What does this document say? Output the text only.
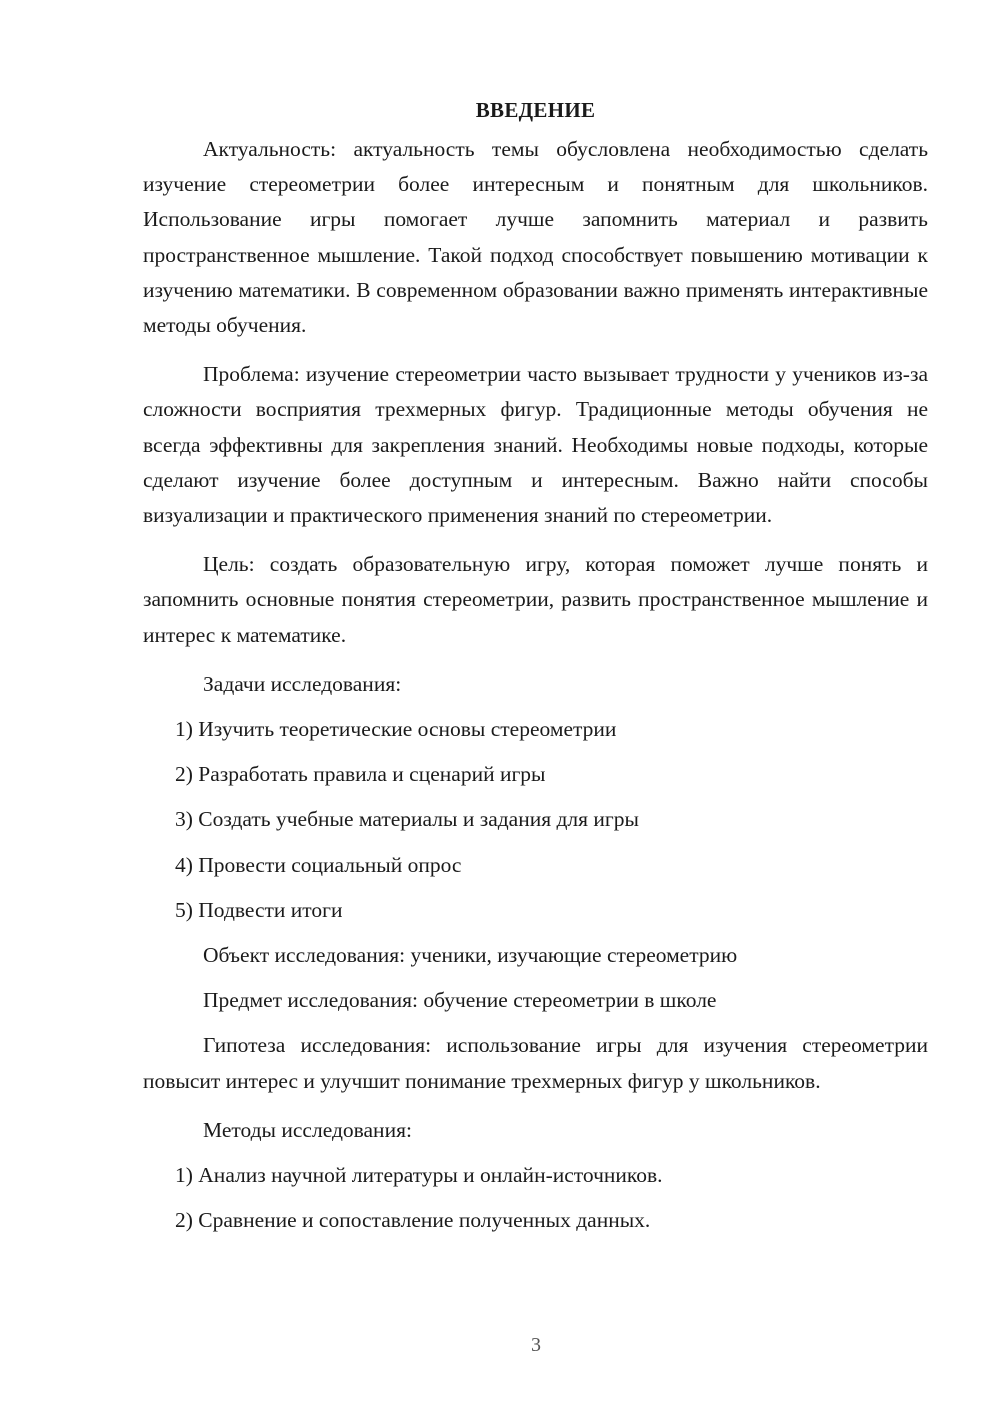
ВВЕДЕНИЕ

Актуальность: актуальность темы обусловлена необходимостью сделать изучение стереометрии более интересным и понятным для школьников. Использование игры помогает лучше запомнить материал и развить пространственное мышление. Такой подход способствует повышению мотивации к изучению математики. В современном образовании важно применять интерактивные методы обучения.

Проблема: изучение стереометрии часто вызывает трудности у учеников из-за сложности восприятия трехмерных фигур. Традиционные методы обучения не всегда эффективны для закрепления знаний. Необходимы новые подходы, которые сделают изучение более доступным и интересным. Важно найти способы визуализации и практического применения знаний по стереометрии.

Цель: создать образовательную игру, которая поможет лучше понять и запомнить основные понятия стереометрии, развить пространственное мышление и интерес к математике.

Задачи исследования:
1) Изучить теоретические основы стереометрии
2) Разработать правила и сценарий игры
3) Создать учебные материалы и задания для игры
4) Провести социальный опрос
5) Подвести итоги
Объект исследования: ученики, изучающие стереометрию
Предмет исследования: обучение стереометрии в школе

Гипотеза исследования: использование игры для изучения стереометрии повысит интерес и улучшит понимание трехмерных фигур у школьников.

Методы исследования:
1) Анализ научной литературы и онлайн-источников.
2) Сравнение и сопоставление полученных данных.
3
